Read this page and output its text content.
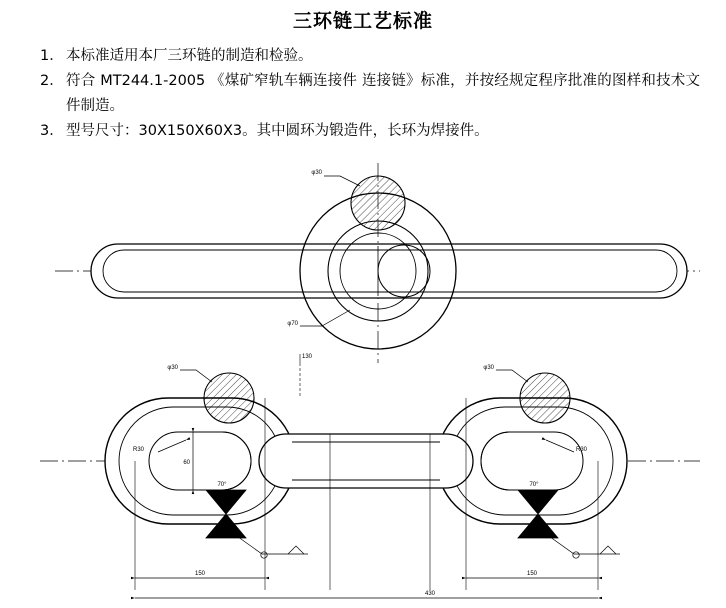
三环链工艺标准
1． 本标准适用本厂三环链的制造和检验。
2． 符合 MT244.1-2005 《煤矿窄轨车辆连接件 连接链》标准，并按经规定程序批准的图样和技术文件制造。
3． 型号尺寸：30X150X60X3。其中圆环为锻造件，长环为焊接件。
φ30
φ70
φ30	φ30
R30	R30
60
70°	70°
130
150	150
430
